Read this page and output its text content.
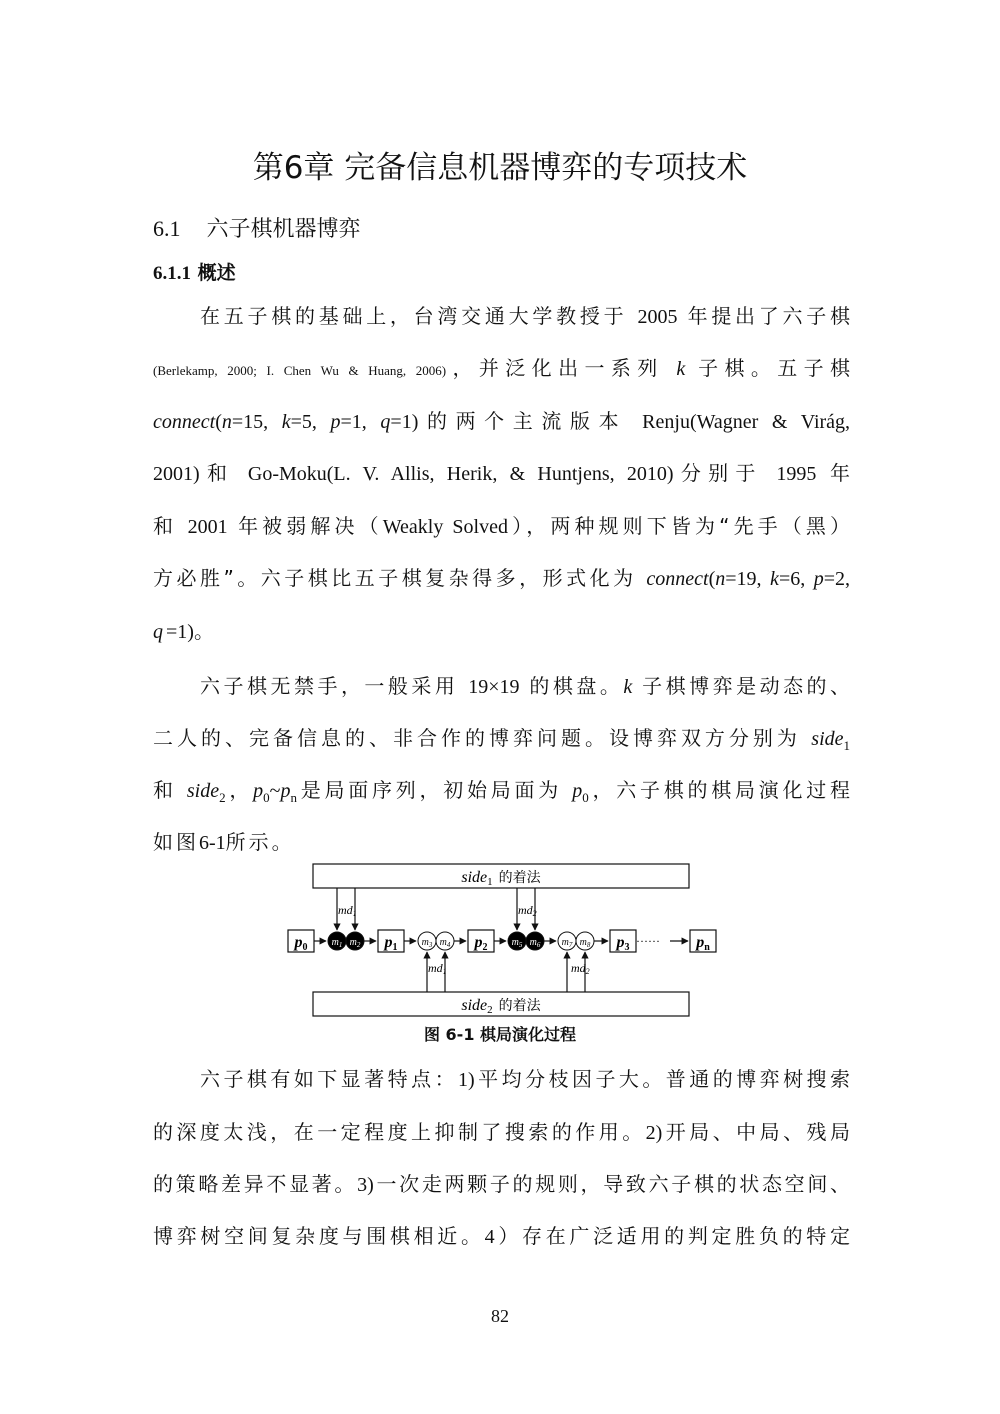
第6章 完备信息机器博弈的专项技术
6.1 六子棋机器博弈
6.1.1 概述
在五子棋的基础上，台湾交通大学教授于 2005 年提出了六子棋
(Berlekamp, 2000; I. Chen Wu & Huang, 2006)，并泛化出一系列 k 子棋。五子棋
connect(n=15, k=5, p=1, q=1)的两个主流版本 Renju(Wagner & Virág,
2001)和 Go-Moku(L. V. Allis, Herik, & Huntjens, 2010)分别于 1995 年
和 2001 年被弱解决（Weakly Solved），两种规则下皆为“先手（黑）
方必胜”。六子棋比五子棋复杂得多，形式化为 connect(n=19, k=6, p=2,
q=1)。
六子棋无禁手，一般采用 19×19 的棋盘。k 子棋博弈是动态的、
二人的、完备信息的、非合作的博弈问题。设博弈双方分别为 side$_1$
和 side$_2$，$p_0\sim p_n$是局面序列，初始局面为 $p_0$，六子棋的棋局演化过程
如图6-1所示。
side1 的着法
side2 的着法
p0	p1	p2	p3	pn
$m_1$ $m_2$	$m_3$ $m_4$	$m_5$ $m_6$ $m_7$ $m_8$	······
md1
md1
md2
md2
图 6-1 棋局演化过程
六子棋有如下显著特点：1)平均分枝因子大。普通的博弈树搜索
的深度太浅，在一定程度上抑制了搜索的作用。2)开局、中局、残局
的策略差异不显著。3)一次走两颗子的规则，导致六子棋的状态空间、
博弈树空间复杂度与围棋相近。4）存在广泛适用的判定胜负的特定
82
